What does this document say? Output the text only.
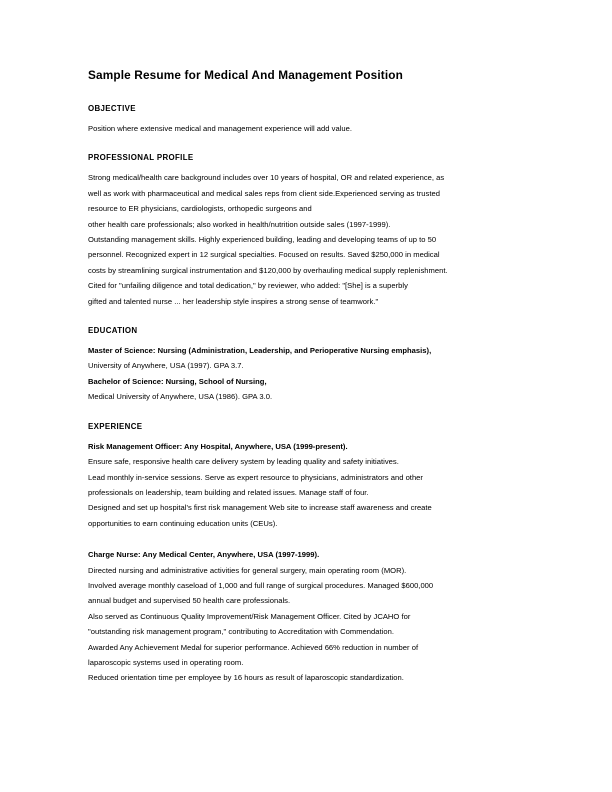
Sample Resume for Medical And Management Position
OBJECTIVE
Position where extensive medical and management experience will add value.
PROFESSIONAL PROFILE
Strong medical/health care background includes over 10 years of hospital, OR and related experience, as
well as work with pharmaceutical and medical sales reps from client side.Experienced serving as trusted
resource to ER physicians, cardiologists, orthopedic surgeons and
other health care professionals; also worked in health/nutrition outside sales (1997-1999).
Outstanding management skills. Highly experienced building, leading and developing teams of up to 50
personnel. Recognized expert in 12 surgical specialties. Focused on results. Saved $250,000 in medical
costs by streamlining surgical instrumentation and $120,000 by overhauling medical supply replenishment.
Cited for "unfailing diligence and total dedication," by reviewer, who added: "[She] is a superbly
gifted and talented nurse ... her leadership style inspires a strong sense of teamwork."
EDUCATION
Master of Science: Nursing (Administration, Leadership, and Perioperative Nursing emphasis),
University of Anywhere, USA (1997). GPA 3.7.
Bachelor of Science: Nursing, School of Nursing,
Medical University of Anywhere, USA (1986). GPA 3.0.
EXPERIENCE
Risk Management Officer: Any Hospital, Anywhere, USA (1999-present).
Ensure safe, responsive health care delivery system by leading quality and safety initiatives.
Lead monthly in-service sessions. Serve as expert resource to physicians, administrators and other
professionals on leadership, team building and related issues. Manage staff of four.
Designed and set up hospital's first risk management Web site to increase staff awareness and create
opportunities to earn continuing education units (CEUs).
Charge Nurse: Any Medical Center, Anywhere, USA (1997-1999).
Directed nursing and administrative activities for general surgery, main operating room (MOR).
Involved average monthly caseload of 1,000 and full range of surgical procedures. Managed $600,000
annual budget and supervised 50 health care professionals.
Also served as Continuous Quality Improvement/Risk Management Officer. Cited by JCAHO for
"outstanding risk management program," contributing to Accreditation with Commendation.
Awarded Any Achievement Medal for superior performance. Achieved 66% reduction in number of
laparoscopic systems used in operating room.
Reduced orientation time per employee by 16 hours as result of laparoscopic standardization.
